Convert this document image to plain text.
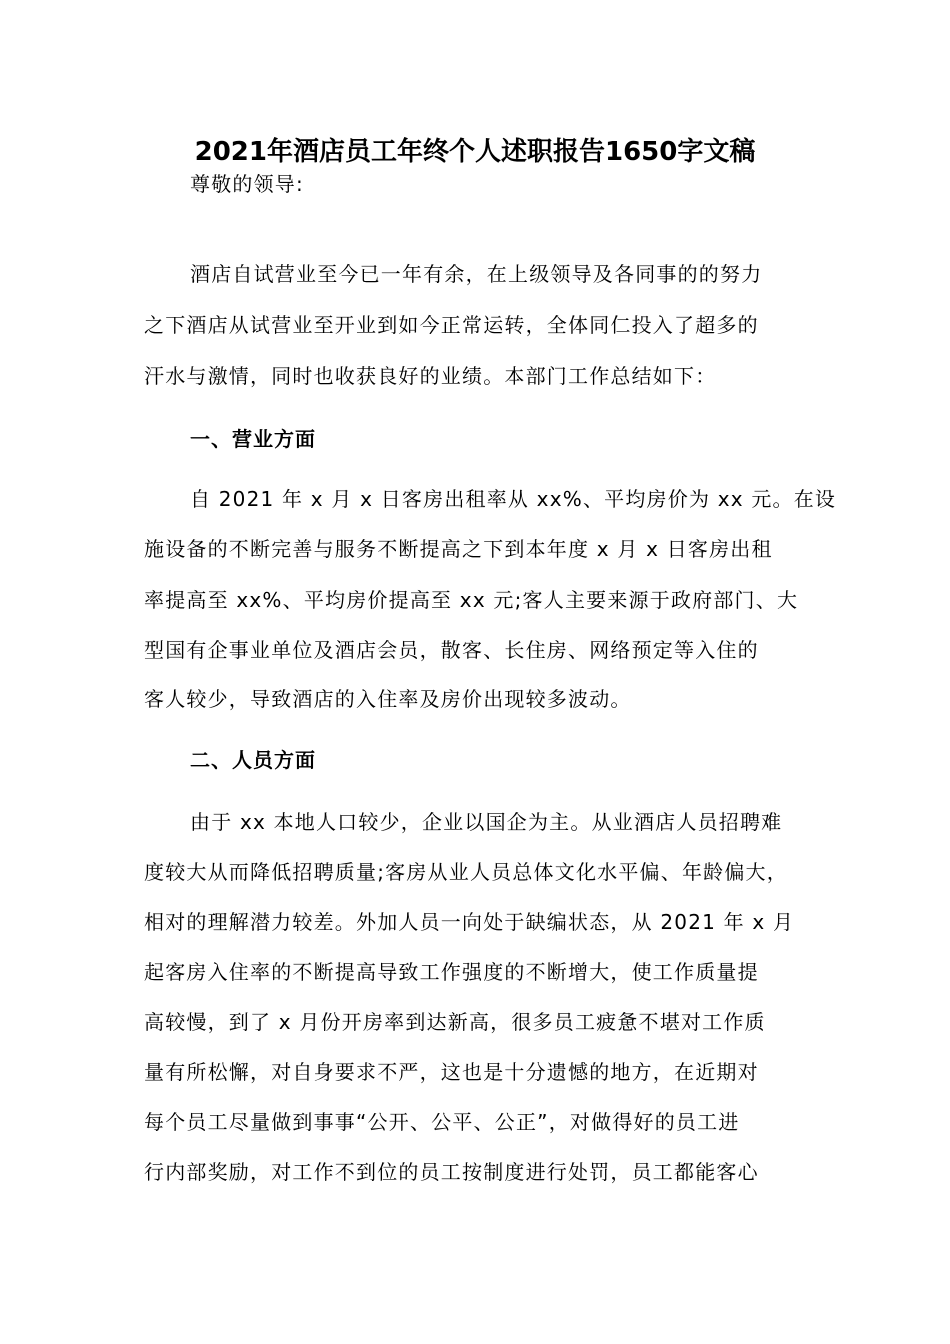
2021年酒店员工年终个人述职报告1650字文稿
尊敬的领导:
酒店自试营业至今已一年有余，在上级领导及各同事的的努力
之下酒店从试营业至开业到如今正常运转，全体同仁投入了超多的
汗水与激情，同时也收获良好的业绩。本部门工作总结如下：
一、营业方面
自 2021 年 x 月 x 日客房出租率从 xx%、平均房价为 xx 元。在设
施设备的不断完善与服务不断提高之下到本年度 x 月 x 日客房出租
率提高至 xx%、平均房价提高至 xx 元;客人主要来源于政府部门、大
型国有企事业单位及酒店会员，散客、长住房、网络预定等入住的
客人较少，导致酒店的入住率及房价出现较多波动。
二、人员方面
由于 xx 本地人口较少，企业以国企为主。从业酒店人员招聘难
度较大从而降低招聘质量;客房从业人员总体文化水平偏、年龄偏大，
相对的理解潜力较差。外加人员一向处于缺编状态，从 2021 年 x 月
起客房入住率的不断提高导致工作强度的不断增大，使工作质量提
高较慢，到了 x 月份开房率到达新高，很多员工疲惫不堪对工作质
量有所松懈，对自身要求不严，这也是十分遗憾的地方，在近期对
每个员工尽量做到事事“公开、公平、公正”，对做得好的员工进
行内部奖励，对工作不到位的员工按制度进行处罚，员工都能客心
